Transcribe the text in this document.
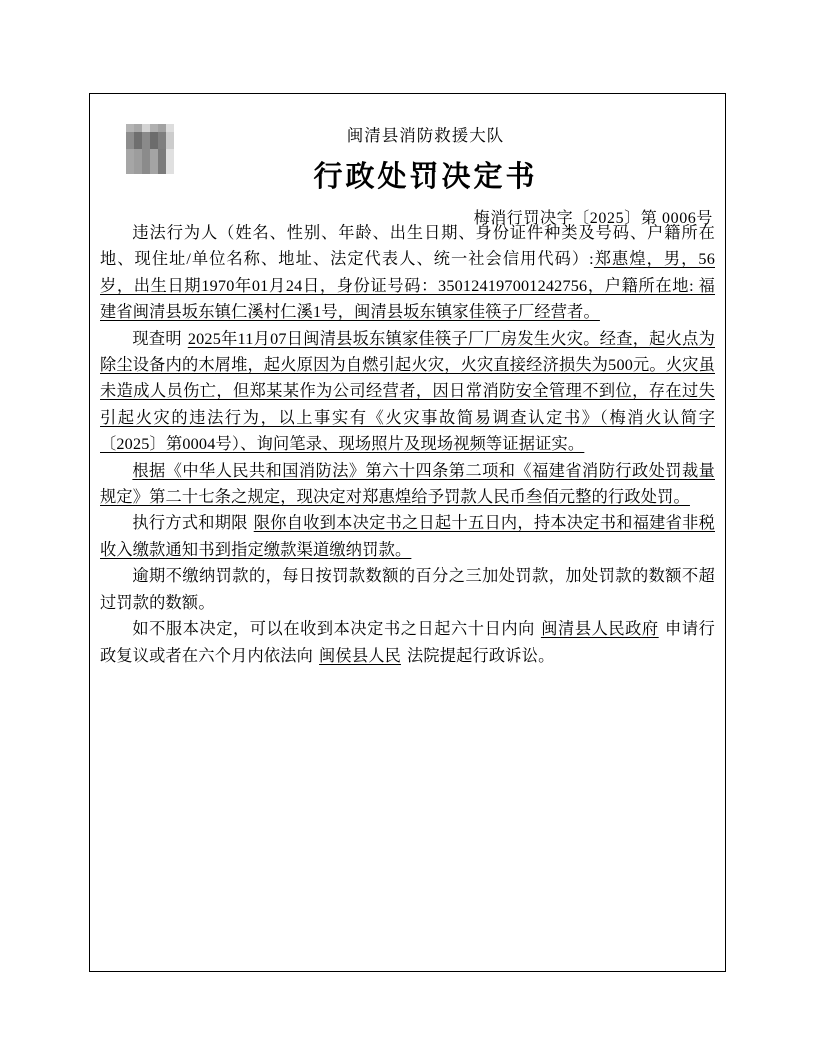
闽清县消防救援大队
行政处罚决定书
梅消行罚决字〔2025〕第 0006号

违法行为人（姓名、性别、年龄、出生日期、身份证件种类及号码、户籍所在地、现住址/单位名称、地址、法定代表人、统一社会信用代码）:郑惠煌，男，56岁，出生日期1970年01月24日，身份证号码：350124197001242756，户籍所在地: 福建省闽清县坂东镇仁溪村仁溪1号，闽清县坂东镇家佳筷子厂经营者。

现查明 2025年11月07日闽清县坂东镇家佳筷子厂厂房发生火灾。经查，起火点为除尘设备内的木屑堆，起火原因为自燃引起火灾，火灾直接经济损失为500元。火灾虽未造成人员伤亡，但郑某某作为公司经营者，因日常消防安全管理不到位，存在过失引起火灾的违法行为，以上事实有《火灾事故简易调查认定书》（梅消火认简字〔2025〕第0004号）、询问笔录、现场照片及现场视频等证据证实。

根据《中华人民共和国消防法》第六十四条第二项和《福建省消防行政处罚裁量规定》第二十七条之规定，现决定对郑惠煌给予罚款人民币叁佰元整的行政处罚。

执行方式和期限 限你自收到本决定书之日起十五日内，持本决定书和福建省非税收入缴款通知书到指定缴款渠道缴纳罚款。

逾期不缴纳罚款的，每日按罚款数额的百分之三加处罚款，加处罚款的数额不超过罚款的数额。

如不服本决定，可以在收到本决定书之日起六十日内向 闽清县人民政府 申请行政复议或者在六个月内依法向 闽侯县人民 法院提起行政诉讼。
